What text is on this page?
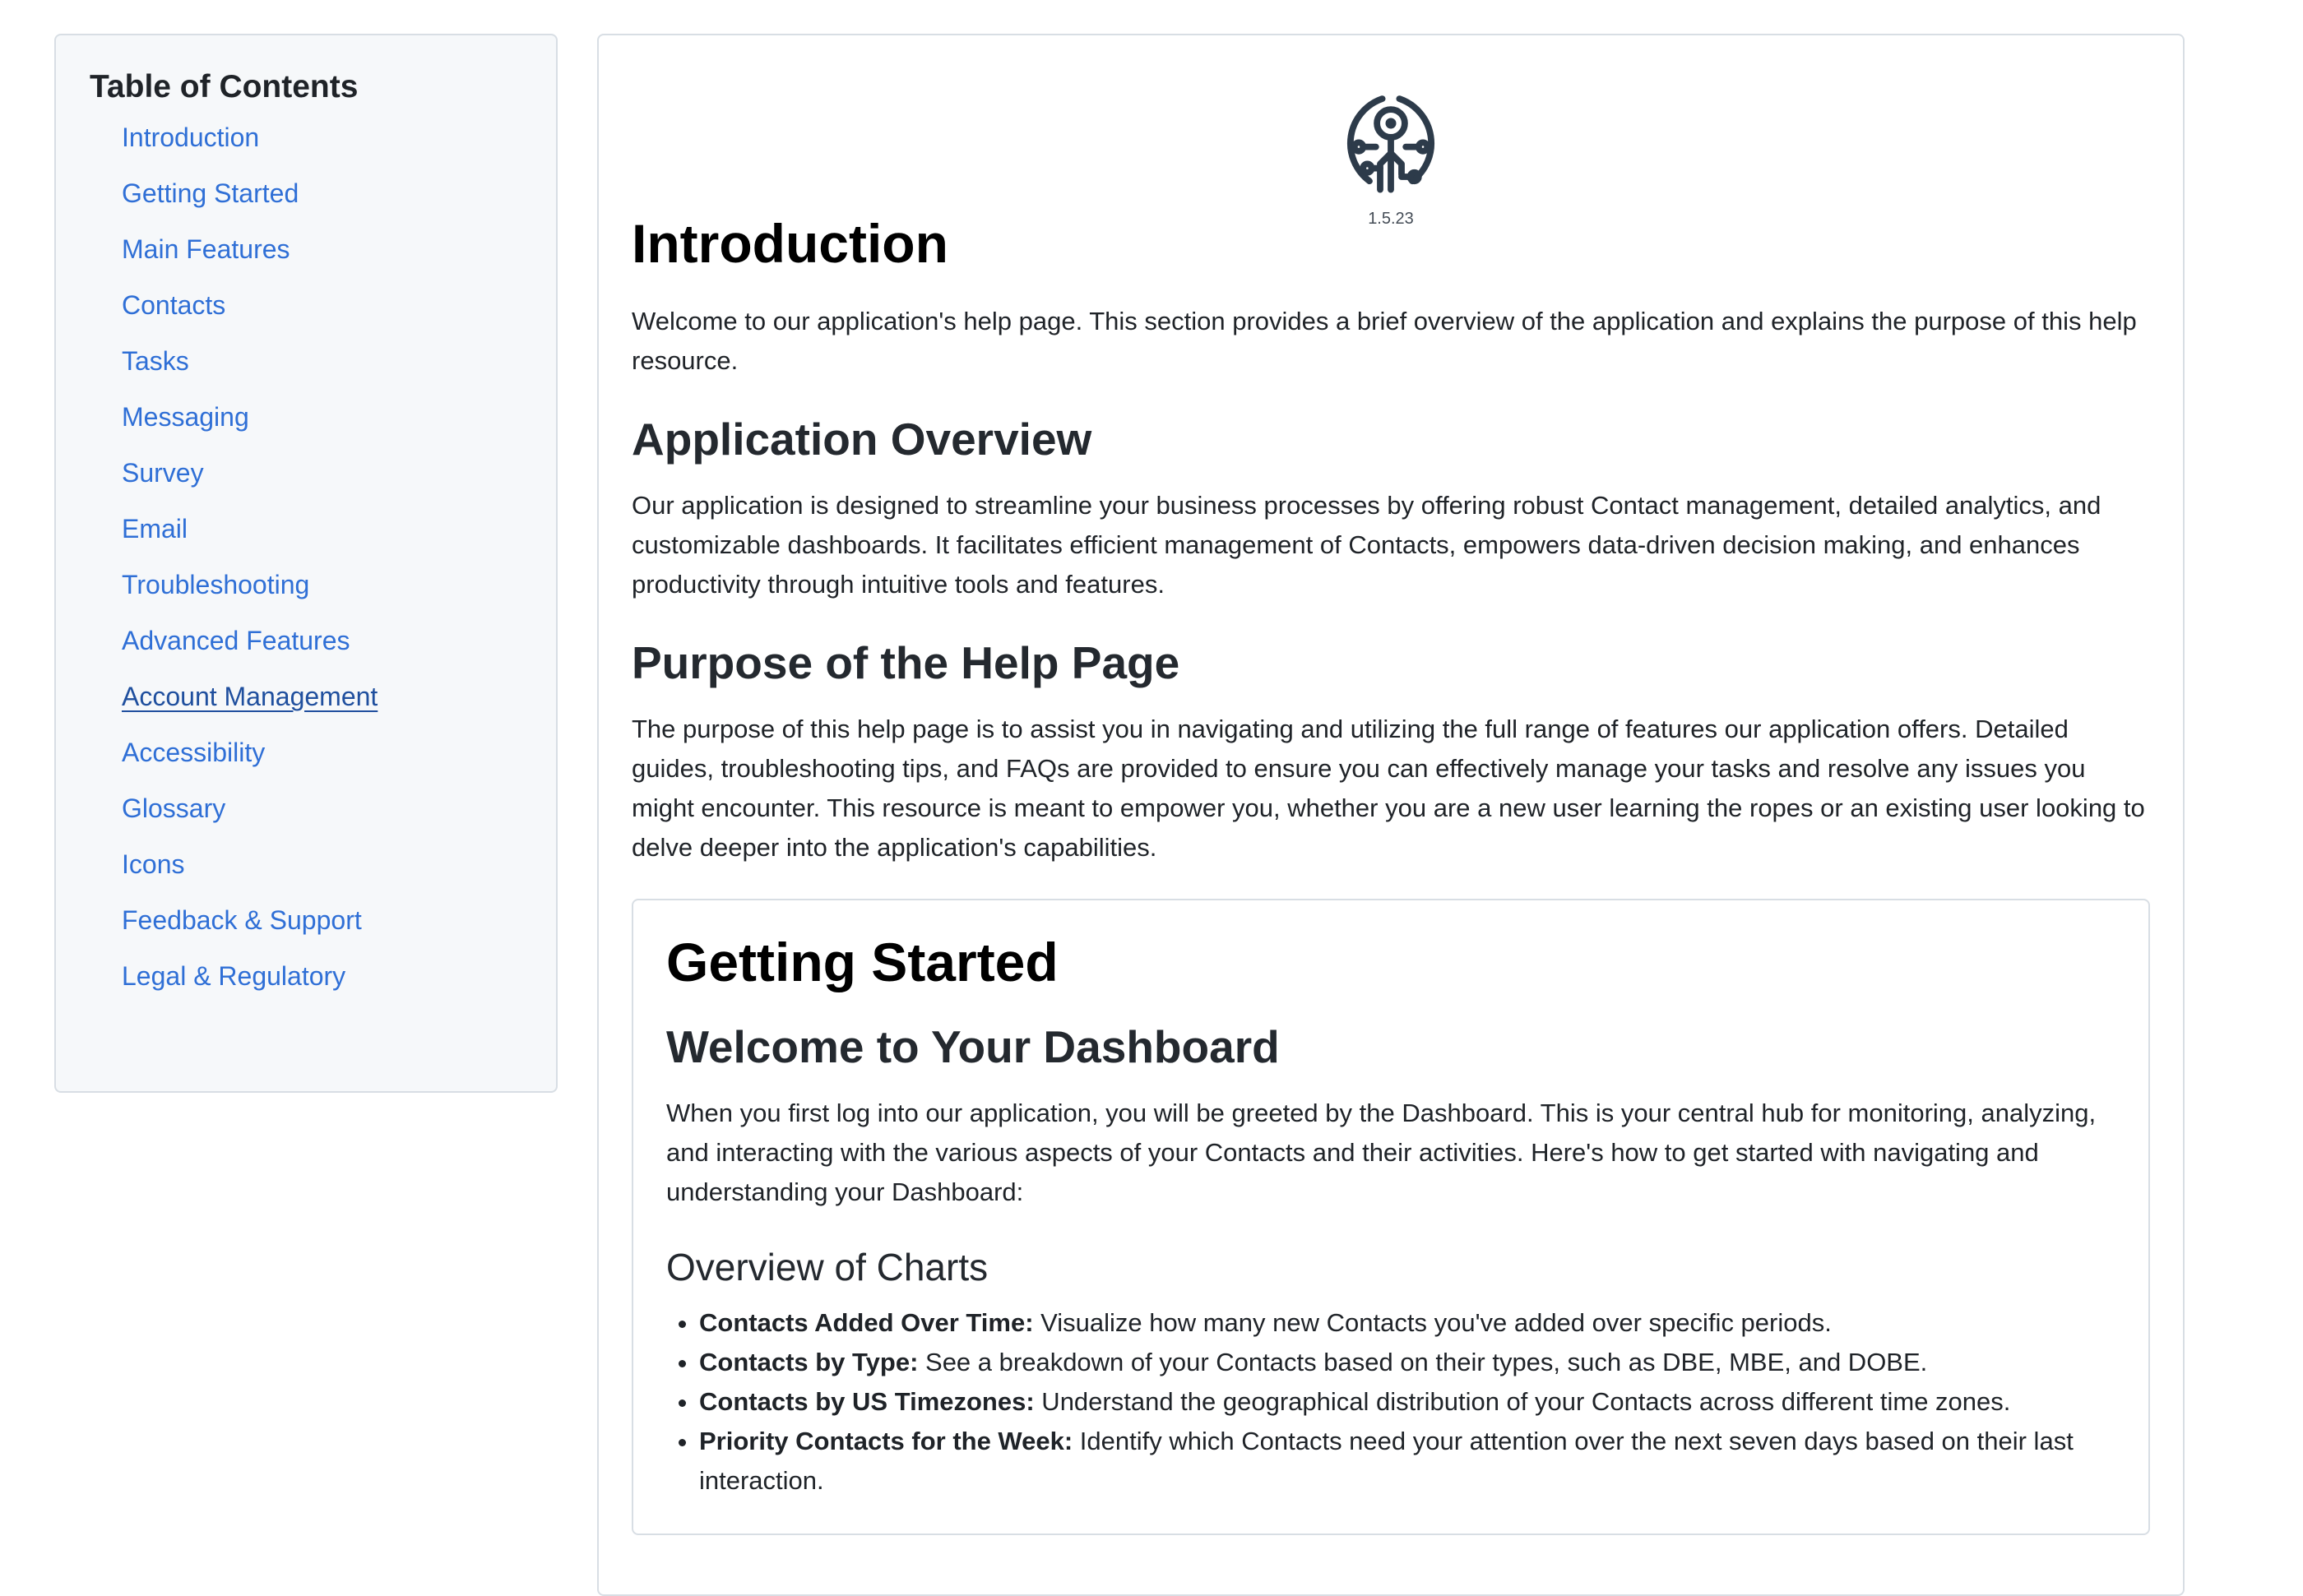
Table of Contents
Introduction
Getting Started
Main Features
Contacts
Tasks
Messaging
Survey
Email
Troubleshooting
Advanced Features
Account Management
Accessibility
Glossary
Icons
Feedback & Support
Legal & Regulatory
1.5.23
Introduction

Welcome to our application's help page. This section provides a brief overview of the application and explains the purpose of this help resource.

Application Overview

Our application is designed to streamline your business processes by offering robust Contact management, detailed analytics, and customizable dashboards. It facilitates efficient management of Contacts, empowers data-driven decision making, and enhances productivity through intuitive tools and features.

Purpose of the Help Page

The purpose of this help page is to assist you in navigating and utilizing the full range of features our application offers. Detailed guides, troubleshooting tips, and FAQs are provided to ensure you can effectively manage your tasks and resolve any issues you might encounter. This resource is meant to empower you, whether you are a new user learning the ropes or an existing user looking to delve deeper into the application's capabilities.

Getting Started
Welcome to Your Dashboard

When you first log into our application, you will be greeted by the Dashboard. This is your central hub for monitoring, analyzing, and interacting with the various aspects of your Contacts and their activities. Here's how to get started with navigating and understanding your Dashboard:

Overview of Charts
• Contacts Added Over Time: Visualize how many new Contacts you've added over specific periods.
• Contacts by Type: See a breakdown of your Contacts based on their types, such as DBE, MBE, and DOBE.
• Contacts by US Timezones: Understand the geographical distribution of your Contacts across different time zones.
• Priority Contacts for the Week: Identify which Contacts need your attention over the next seven days based on their last interaction.
